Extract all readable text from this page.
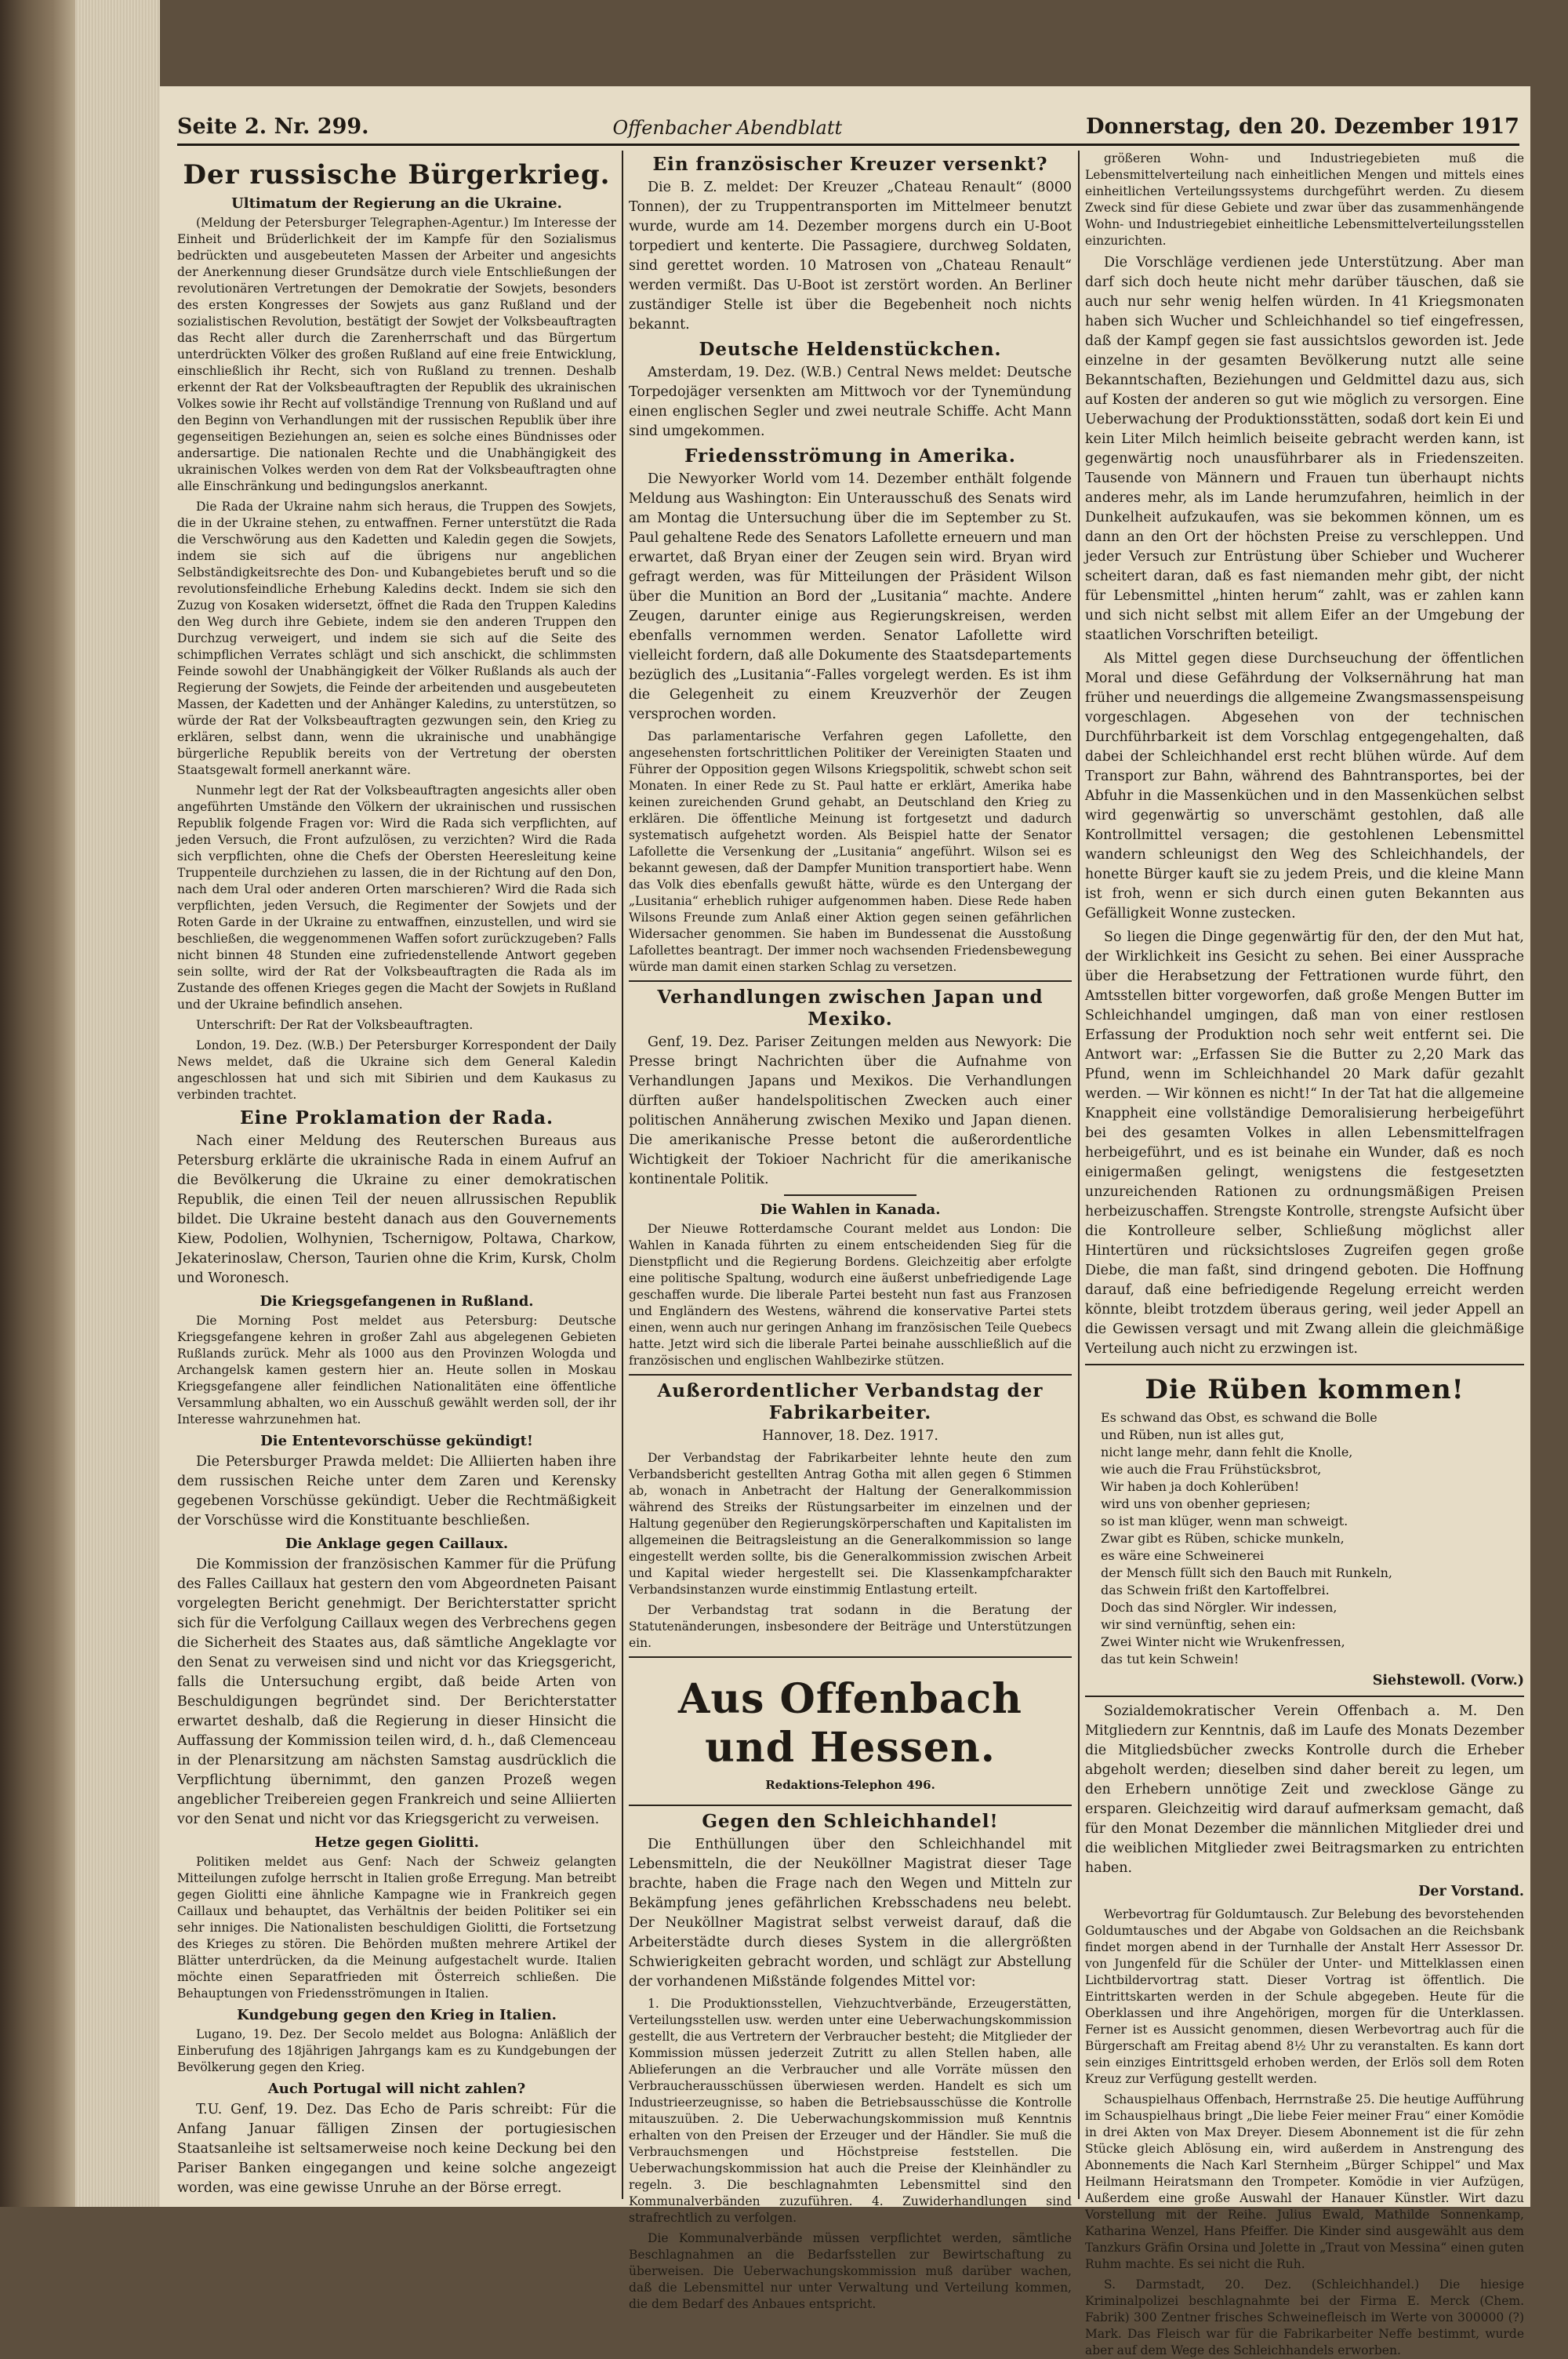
Seite 2. Nr. 299.	Offenbacher Abendblatt	Donnerstag, den 20. Dezember 1917
Der russische Bürgerkrieg.
Ultimatum der Regierung an die Ukraine.

(Meldung der Petersburger Telegraphen-Agentur.) Im Interesse der Einheit und Brüderlichkeit der im Kampfe für den Sozialismus bedrückten und ausgebeuteten Massen der Arbeiter und angesichts der Anerkennung dieser Grundsätze durch viele Entschließungen der revolutionären Vertretungen der Demokratie der Sowjets, besonders des ersten Kongresses der Sowjets aus ganz Rußland und der sozialistischen Revolution, bestätigt der Sowjet der Volksbeauftragten das Recht aller durch die Zarenherrschaft und das Bürgertum unterdrückten Völker des großen Rußland auf eine freie Entwicklung, einschließlich ihr Recht, sich von Rußland zu trennen. Deshalb erkennt der Rat der Volksbeauftragten der Republik des ukrainischen Volkes sowie ihr Recht auf vollständige Trennung von Rußland und auf den Beginn von Verhandlungen mit der russischen Republik über ihre gegenseitigen Beziehungen an, seien es solche eines Bündnisses oder andersartige. Die nationalen Rechte und die Unabhängigkeit des ukrainischen Volkes werden von dem Rat der Volksbeauftragten ohne alle Einschränkung und bedingungslos anerkannt.

Die Rada der Ukraine nahm sich heraus, die Truppen des Sowjets, die in der Ukraine stehen, zu entwaffnen. Ferner unterstützt die Rada die Verschwörung aus den Kadetten und Kaledin gegen die Sowjets, indem sie sich auf die übrigens nur angeblichen Selbständigkeitsrechte des Don- und Kubangebietes beruft und so die revolutionsfeindliche Erhebung Kaledins deckt. Indem sie sich den Zuzug von Kosaken widersetzt, öffnet die Rada den Truppen Kaledins den Weg durch ihre Gebiete, indem sie den anderen Truppen den Durchzug verweigert, und indem sie sich auf die Seite des schimpflichen Verrates schlägt und sich anschickt, die schlimmsten Feinde sowohl der Unabhängigkeit der Völker Rußlands als auch der Regierung der Sowjets, die Feinde der arbeitenden und ausgebeuteten Massen, der Kadetten und der Anhänger Kaledins, zu unterstützen, so würde der Rat der Volksbeauftragten gezwungen sein, den Krieg zu erklären, selbst dann, wenn die ukrainische und unabhängige bürgerliche Republik bereits von der Vertretung der obersten Staatsgewalt formell anerkannt wäre.

Nunmehr legt der Rat der Volksbeauftragten angesichts aller oben angeführten Umstände den Völkern der ukrainischen und russischen Republik folgende Fragen vor: Wird die Rada sich verpflichten, auf jeden Versuch, die Front aufzulösen, zu verzichten? Wird die Rada sich verpflichten, ohne die Chefs der Obersten Heeresleitung keine Truppenteile durchziehen zu lassen, die in der Richtung auf den Don, nach dem Ural oder anderen Orten marschieren? Wird die Rada sich verpflichten, jeden Versuch, die Regimenter der Sowjets und der Roten Garde in der Ukraine zu entwaffnen, einzustellen, und wird sie beschließen, die weggenommenen Waffen sofort zurückzugeben? Falls nicht binnen 48 Stunden eine zufriedenstellende Antwort gegeben sein sollte, wird der Rat der Volksbeauftragten die Rada als im Zustande des offenen Krieges gegen die Macht der Sowjets in Rußland und der Ukraine befindlich ansehen.

Unterschrift: Der Rat der Volksbeauftragten.

London, 19. Dez. (W.B.) Der Petersburger Korrespondent der Daily News meldet, daß die Ukraine sich dem General Kaledin angeschlossen hat und sich mit Sibirien und dem Kaukasus zu verbinden trachtet.

Eine Proklamation der Rada.

Nach einer Meldung des Reuterschen Bureaus aus Petersburg erklärte die ukrainische Rada in einem Aufruf an die Bevölkerung die Ukraine zu einer demokratischen Republik, die einen Teil der neuen allrussischen Republik bildet. Die Ukraine besteht danach aus den Gouvernements Kiew, Podolien, Wolhynien, Tschernigow, Poltawa, Charkow, Jekaterinoslaw, Cherson, Taurien ohne die Krim, Kursk, Cholm und Woronesch.

Die Kriegsgefangenen in Rußland.

Die Morning Post meldet aus Petersburg: Deutsche Kriegsgefangene kehren in großer Zahl aus abgelegenen Gebieten Rußlands zurück. Mehr als 1000 aus den Provinzen Wologda und Archangelsk kamen gestern hier an. Heute sollen in Moskau Kriegsgefangene aller feindlichen Nationalitäten eine öffentliche Versammlung abhalten, wo ein Ausschuß gewählt werden soll, der ihr Interesse wahrzunehmen hat.

Die Ententevorschüsse gekündigt!

Die Petersburger Prawda meldet: Die Alliierten haben ihre dem russischen Reiche unter dem Zaren und Kerensky gegebenen Vorschüsse gekündigt. Ueber die Rechtmäßigkeit der Vorschüsse wird die Konstituante beschließen.

Die Anklage gegen Caillaux.

Die Kommission der französischen Kammer für die Prüfung des Falles Caillaux hat gestern den vom Abgeordneten Paisant vorgelegten Bericht genehmigt. Der Berichterstatter spricht sich für die Verfolgung Caillaux wegen des Verbrechens gegen die Sicherheit des Staates aus, daß sämtliche Angeklagte vor den Senat zu verweisen sind und nicht vor das Kriegsgericht, falls die Untersuchung ergibt, daß beide Arten von Beschuldigungen begründet sind. Der Berichterstatter erwartet deshalb, daß die Regierung in dieser Hinsicht die Auffassung der Kommission teilen wird, d. h., daß Clemenceau in der Plenarsitzung am nächsten Samstag ausdrücklich die Verpflichtung übernimmt, den ganzen Prozeß wegen angeblicher Treibereien gegen Frankreich und seine Alliierten vor den Senat und nicht vor das Kriegsgericht zu verweisen.

Hetze gegen Giolitti.

Politiken meldet aus Genf: Nach der Schweiz gelangten Mitteilungen zufolge herrscht in Italien große Erregung. Man betreibt gegen Giolitti eine ähnliche Kampagne wie in Frankreich gegen Caillaux und behauptet, das Verhältnis der beiden Politiker sei ein sehr inniges. Die Nationalisten beschuldigen Giolitti, die Fortsetzung des Krieges zu stören. Die Behörden mußten mehrere Artikel der Blätter unterdrücken, da die Meinung aufgestachelt wurde. Italien möchte einen Separatfrieden mit Österreich schließen. Die Behauptungen von Friedensströmungen in Italien.

Kundgebung gegen den Krieg in Italien.

Lugano, 19. Dez. Der Secolo meldet aus Bologna: Anläßlich der Einberufung des 18jährigen Jahrgangs kam es zu Kundgebungen der Bevölkerung gegen den Krieg.

Auch Portugal will nicht zahlen?

T.U. Genf, 19. Dez. Das Echo de Paris schreibt: Für die Anfang Januar fälligen Zinsen der portugiesischen Staatsanleihe ist seltsamerweise noch keine Deckung bei den Pariser Banken eingegangen und keine solche angezeigt worden, was eine gewisse Unruhe an der Börse erregt.

Ein französischer Kreuzer versenkt?

Die B. Z. meldet: Der Kreuzer „Chateau Renault“ (8000 Tonnen), der zu Truppentransporten im Mittelmeer benutzt wurde, wurde am 14. Dezember morgens durch ein U-Boot torpediert und kenterte. Die Passagiere, durchweg Soldaten, sind gerettet worden. 10 Matrosen von „Chateau Renault“ werden vermißt. Das U-Boot ist zerstört worden. An Berliner zuständiger Stelle ist über die Begebenheit noch nichts bekannt.

Deutsche Heldenstückchen.

Amsterdam, 19. Dez. (W.B.) Central News meldet: Deutsche Torpedojäger versenkten am Mittwoch vor der Tynemündung einen englischen Segler und zwei neutrale Schiffe. Acht Mann sind umgekommen.

Friedensströmung in Amerika.

Die Newyorker World vom 14. Dezember enthält folgende Meldung aus Washington: Ein Unterausschuß des Senats wird am Montag die Untersuchung über die im September zu St. Paul gehaltene Rede des Senators Lafollette erneuern und man erwartet, daß Bryan einer der Zeugen sein wird. Bryan wird gefragt werden, was für Mitteilungen der Präsident Wilson über die Munition an Bord der „Lusitania“ machte. Andere Zeugen, darunter einige aus Regierungskreisen, werden ebenfalls vernommen werden. Senator Lafollette wird vielleicht fordern, daß alle Dokumente des Staatsdepartements bezüglich des „Lusitania“-Falles vorgelegt werden. Es ist ihm die Gelegenheit zu einem Kreuzverhör der Zeugen versprochen worden.

Das parlamentarische Verfahren gegen Lafollette, den angesehensten fortschrittlichen Politiker der Vereinigten Staaten und Führer der Opposition gegen Wilsons Kriegspolitik, schwebt schon seit Monaten. In einer Rede zu St. Paul hatte er erklärt, Amerika habe keinen zureichenden Grund gehabt, an Deutschland den Krieg zu erklären. Die öffentliche Meinung ist fortgesetzt und dadurch systematisch aufgehetzt worden. Als Beispiel hatte der Senator Lafollette die Versenkung der „Lusitania“ angeführt. Wilson sei es bekannt gewesen, daß der Dampfer Munition transportiert habe. Wenn das Volk dies ebenfalls gewußt hätte, würde es den Untergang der „Lusitania“ erheblich ruhiger aufgenommen haben. Diese Rede haben Wilsons Freunde zum Anlaß einer Aktion gegen seinen gefährlichen Widersacher genommen. Sie haben im Bundessenat die Ausstoßung Lafollettes beantragt. Der immer noch wachsenden Friedensbewegung würde man damit einen starken Schlag zu versetzen.

Verhandlungen zwischen Japan und Mexiko.

Genf, 19. Dez. Pariser Zeitungen melden aus Newyork: Die Presse bringt Nachrichten über die Aufnahme von Verhandlungen Japans und Mexikos. Die Verhandlungen dürften außer handelspolitischen Zwecken auch einer politischen Annäherung zwischen Mexiko und Japan dienen. Die amerikanische Presse betont die außerordentliche Wichtigkeit der Tokioer Nachricht für die amerikanische kontinentale Politik.

Die Wahlen in Kanada.

Der Nieuwe Rotterdamsche Courant meldet aus London: Die Wahlen in Kanada führten zu einem entscheidenden Sieg für die Dienstpflicht und die Regierung Bordens. Gleichzeitig aber erfolgte eine politische Spaltung, wodurch eine äußerst unbefriedigende Lage geschaffen wurde. Die liberale Partei besteht nun fast aus Franzosen und Engländern des Westens, während die konservative Partei stets einen, wenn auch nur geringen Anhang im französischen Teile Quebecs hatte. Jetzt wird sich die liberale Partei beinahe ausschließlich auf die französischen und englischen Wahlbezirke stützen.

Außerordentlicher Verbandstag der Fabrikarbeiter.

Hannover, 18. Dez. 1917.

Der Verbandstag der Fabrikarbeiter lehnte heute den zum Verbandsbericht gestellten Antrag Gotha mit allen gegen 6 Stimmen ab, wonach in Anbetracht der Haltung der Generalkommission während des Streiks der Rüstungsarbeiter im einzelnen und der Haltung gegenüber den Regierungskörperschaften und Kapitalisten im allgemeinen die Beitragsleistung an die Generalkommission so lange eingestellt werden sollte, bis die Generalkommission zwischen Arbeit und Kapital wieder hergestellt sei. Die Klassenkampfcharakter Verbandsinstanzen wurde einstimmig Entlastung erteilt.

Der Verbandstag trat sodann in die Beratung der Statutenänderungen, insbesondere der Beiträge und Unterstützungen ein.

Aus Offenbach und Hessen.
Redaktions-Telephon 496.
Gegen den Schleichhandel!

Die Enthüllungen über den Schleichhandel mit Lebensmitteln, die der Neuköllner Magistrat dieser Tage brachte, haben die Frage nach den Wegen und Mitteln zur Bekämpfung jenes gefährlichen Krebsschadens neu belebt. Der Neuköllner Magistrat selbst verweist darauf, daß die Arbeiterstädte durch dieses System in die allergrößten Schwierigkeiten gebracht worden, und schlägt zur Abstellung der vorhandenen Mißstände folgendes Mittel vor:

1. Die Produktionsstellen, Viehzuchtverbände, Erzeugerstätten, Verteilungsstellen usw. werden unter eine Ueberwachungskommission gestellt, die aus Vertretern der Verbraucher besteht; die Mitglieder der Kommission müssen jederzeit Zutritt zu allen Stellen haben, alle Ablieferungen an die Verbraucher und alle Vorräte müssen den Verbraucherausschüssen überwiesen werden. Handelt es sich um Industrieerzeugnisse, so haben die Betriebsausschüsse die Kontrolle mitauszuüben. 2. Die Ueberwachungskommission muß Kenntnis erhalten von den Preisen der Erzeuger und der Händler. Sie muß die Verbrauchsmengen und Höchstpreise feststellen. Die Ueberwachungskommission hat auch die Preise der Kleinhändler zu regeln. 3. Die beschlagnahmten Lebensmittel sind den Kommunalverbänden zuzuführen. 4. Zuwiderhandlungen sind strafrechtlich zu verfolgen.

Die Kommunalverbände müssen verpflichtet werden, sämtliche Beschlagnahmen an die Bedarfsstellen zur Bewirtschaftung zu überweisen. Die Ueberwachungskommission muß darüber wachen, daß die Lebensmittel nur unter Verwaltung und Verteilung kommen, die dem Bedarf des Anbaues entspricht.

größeren Wohn- und Industriegebieten muß die Lebensmittelverteilung nach einheitlichen Mengen und mittels eines einheitlichen Verteilungssystems durchgeführt werden. Zu diesem Zweck sind für diese Gebiete und zwar über das zusammenhängende Wohn- und Industriegebiet einheitliche Lebensmittelverteilungsstellen einzurichten.

Die Vorschläge verdienen jede Unterstützung. Aber man darf sich doch heute nicht mehr darüber täuschen, daß sie auch nur sehr wenig helfen würden. In 41 Kriegsmonaten haben sich Wucher und Schleichhandel so tief eingefressen, daß der Kampf gegen sie fast aussichtslos geworden ist. Jede einzelne in der gesamten Bevölkerung nutzt alle seine Bekanntschaften, Beziehungen und Geldmittel dazu aus, sich auf Kosten der anderen so gut wie möglich zu versorgen. Eine Ueberwachung der Produktionsstätten, sodaß dort kein Ei und kein Liter Milch heimlich beiseite gebracht werden kann, ist gegenwärtig noch unausführbarer als in Friedenszeiten. Tausende von Männern und Frauen tun überhaupt nichts anderes mehr, als im Lande herumzufahren, heimlich in der Dunkelheit aufzukaufen, was sie bekommen können, um es dann an den Ort der höchsten Preise zu verschleppen. Und jeder Versuch zur Entrüstung über Schieber und Wucherer scheitert daran, daß es fast niemanden mehr gibt, der nicht für Lebensmittel „hinten herum“ zahlt, was er zahlen kann und sich nicht selbst mit allem Eifer an der Umgebung der staatlichen Vorschriften beteiligt.

Als Mittel gegen diese Durchseuchung der öffentlichen Moral und diese Gefährdung der Volksernährung hat man früher und neuerdings die allgemeine Zwangsmassenspeisung vorgeschlagen. Abgesehen von der technischen Durchführbarkeit ist dem Vorschlag entgegengehalten, daß dabei der Schleichhandel erst recht blühen würde. Auf dem Transport zur Bahn, während des Bahntransportes, bei der Abfuhr in die Massenküchen und in den Massenküchen selbst wird gegenwärtig so unverschämt gestohlen, daß alle Kontrollmittel versagen; die gestohlenen Lebensmittel wandern schleunigst den Weg des Schleichhandels, der honette Bürger kauft sie zu jedem Preis, und die kleine Mann ist froh, wenn er sich durch einen guten Bekannten aus Gefälligkeit Wonne zustecken.

So liegen die Dinge gegenwärtig für den, der den Mut hat, der Wirklichkeit ins Gesicht zu sehen. Bei einer Aussprache über die Herabsetzung der Fettrationen wurde führt, den Amtsstellen bitter vorgeworfen, daß große Mengen Butter im Schleichhandel umgingen, daß man von einer restlosen Erfassung der Produktion noch sehr weit entfernt sei. Die Antwort war: „Erfassen Sie die Butter zu 2,20 Mark das Pfund, wenn im Schleichhandel 20 Mark dafür gezahlt werden. — Wir können es nicht!“ In der Tat hat die allgemeine Knappheit eine vollständige Demoralisierung herbeigeführt bei des gesamten Volkes in allen Lebensmittelfragen herbeigeführt, und es ist beinahe ein Wunder, daß es noch einigermaßen gelingt, wenigstens die festgesetzten unzureichenden Rationen zu ordnungsmäßigen Preisen herbeizuschaffen. Strengste Kontrolle, strengste Aufsicht über die Kontrolleure selber, Schließung möglichst aller Hintertüren und rücksichtsloses Zugreifen gegen große Diebe, die man faßt, sind dringend geboten. Die Hoffnung darauf, daß eine befriedigende Regelung erreicht werden könnte, bleibt trotzdem überaus gering, weil jeder Appell an die Gewissen versagt und mit Zwang allein die gleichmäßige Verteilung auch nicht zu erzwingen ist.

Die Rüben kommen!

Es schwand das Obst, es schwand die Bolle
und Rüben, nun ist alles gut,
nicht lange mehr, dann fehlt die Knolle,
wie auch die Frau Frühstücksbrot,
Wir haben ja doch Kohlerüben!
wird uns von obenher gepriesen;
so ist man klüger, wenn man schweigt.
Zwar gibt es Rüben, schicke munkeln,
es wäre eine Schweinerei
der Mensch füllt sich den Bauch mit Runkeln,
das Schwein frißt den Kartoffelbrei.
Doch das sind Nörgler. Wir indessen,
wir sind vernünftig, sehen ein:
Zwei Winter nicht wie Wrukenfressen,
das tut kein Schwein!

Siehstewoll. (Vorw.)

Sozialdemokratischer Verein Offenbach a. M. Den Mitgliedern zur Kenntnis, daß im Laufe des Monats Dezember die Mitgliedsbücher zwecks Kontrolle durch die Erheber abgeholt werden; dieselben sind daher bereit zu legen, um den Erhebern unnötige Zeit und zwecklose Gänge zu ersparen. Gleichzeitig wird darauf aufmerksam gemacht, daß für den Monat Dezember die männlichen Mitglieder drei und die weiblichen Mitglieder zwei Beitragsmarken zu entrichten haben.

Der Vorstand.

Werbevortrag für Goldumtausch. Zur Belebung des bevorstehenden Goldumtausches und der Abgabe von Goldsachen an die Reichsbank findet morgen abend in der Turnhalle der Anstalt Herr Assessor Dr. von Jungenfeld für die Schüler der Unter- und Mittelklassen einen Lichtbildervortrag statt. Dieser Vortrag ist öffentlich. Die Eintrittskarten werden in der Schule abgegeben. Heute für die Oberklassen und ihre Angehörigen, morgen für die Unterklassen. Ferner ist es Aussicht genommen, diesen Werbevortrag auch für die Bürgerschaft am Freitag abend 8½ Uhr zu veranstalten. Es kann dort sein einziges Eintrittsgeld erhoben werden, der Erlös soll dem Roten Kreuz zur Verfügung gestellt werden.

Schauspielhaus Offenbach, Herrnstraße 25. Die heutige Aufführung im Schauspielhaus bringt „Die liebe Feier meiner Frau“ einer Komödie in drei Akten von Max Dreyer. Diesem Abonnement ist die für zehn Stücke gleich Ablösung ein, wird außerdem in Anstrengung des Abonnements die Nach Karl Sternheim „Bürger Schippel“ und Max Heilmann Heiratsmann den Trompeter. Komödie in vier Aufzügen, Außerdem eine große Auswahl der Hanauer Künstler. Wirt dazu Vorstellung mit der Reihe. Julius Ewald, Mathilde Sonnenkamp, Katharina Wenzel, Hans Pfeiffer. Die Kinder sind ausgewählt aus dem Tanzkurs Gräfin Orsina und Jolette in „Traut von Messina“ einen guten Ruhm machte. Es sei nicht die Ruh.

S. Darmstadt, 20. Dez. (Schleichhandel.) Die hiesige Kriminalpolizei beschlagnahmte bei der Firma E. Merck (Chem. Fabrik) 300 Zentner frisches Schweinefleisch im Werte von 300000 (?) Mark. Das Fleisch war für die Fabrikarbeiter Neffe bestimmt, wurde aber auf dem Wege des Schleichhandels erworben.
